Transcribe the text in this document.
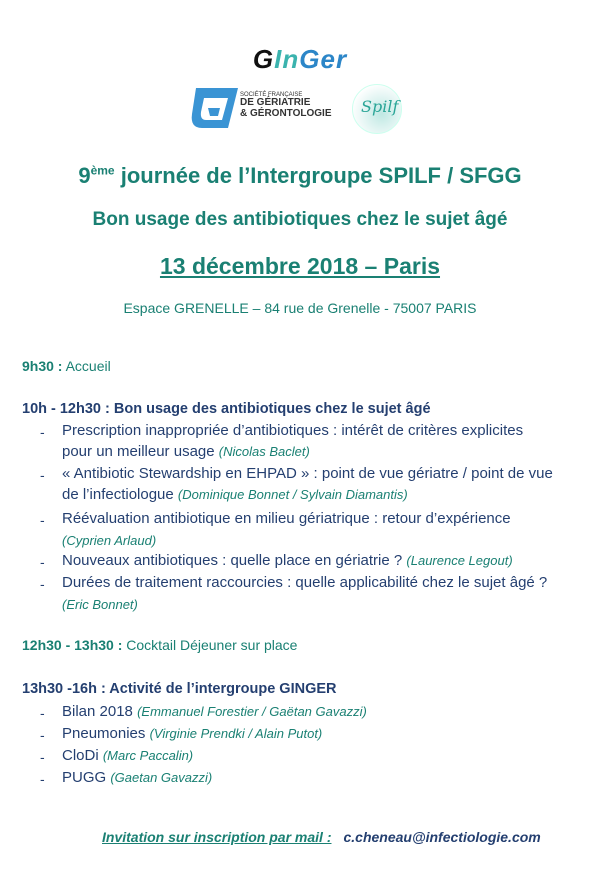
GInGer
SOCIÉTÉ FRANÇAISE
DE GÉRIATRIE
& GÉRONTOLOGIE Spilf
9ème journée de l’Intergroupe SPILF / SFGG
Bon usage des antibiotiques chez le sujet âgé
13 décembre 2018 – Paris
Espace GRENELLE – 84 rue de Grenelle - 75007 PARIS
9h30 : Accueil
10h - 12h30 : Bon usage des antibiotiques chez le sujet âgé
- Prescription inappropriée d’antibiotiques : intérêt de critères explicites
pour un meilleur usage (Nicolas Baclet)
- « Antibiotic Stewardship en EHPAD » : point de vue gériatre / point de vue
de l’infectiologue (Dominique Bonnet / Sylvain Diamantis)
- Réévaluation antibiotique en milieu gériatrique : retour d’expérience
(Cyprien Arlaud)
- Nouveaux antibiotiques : quelle place en gériatrie ? (Laurence Legout)
- Durées de traitement raccourcies : quelle applicabilité chez le sujet âgé ?
(Eric Bonnet)
12h30 - 13h30 : Cocktail Déjeuner sur place
13h30 -16h : Activité de l’intergroupe GINGER
- Bilan 2018 (Emmanuel Forestier / Gaëtan Gavazzi)
- Pneumonies (Virginie Prendki / Alain Putot)
- CloDi (Marc Paccalin)
- PUGG (Gaetan Gavazzi)
Invitation sur inscription par mail : c.cheneau@infectiologie.com
